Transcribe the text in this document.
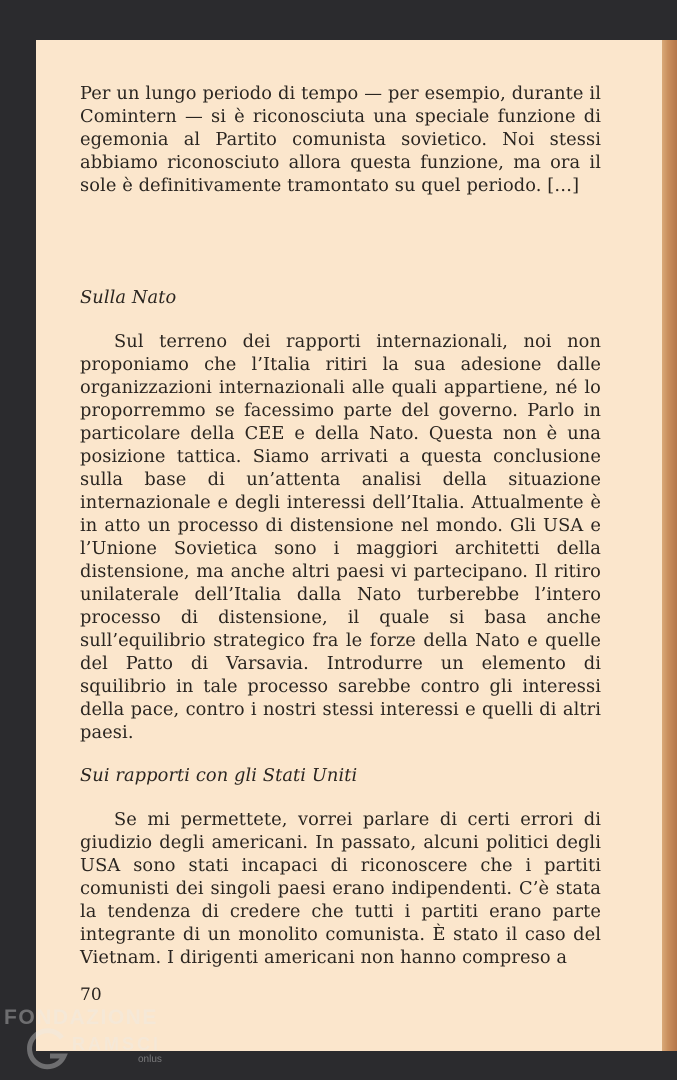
Per un lungo periodo di tempo — per esempio, durante il Comintern — si è riconosciuta una speciale funzione di egemonia al Partito comunista sovietico. Noi stessi abbiamo riconosciuto allora questa funzione, ma ora il sole è definitivamente tramontato su quel periodo. […]

Sulla Nato

Sul terreno dei rapporti internazionali, noi non proponiamo che l’Italia ritiri la sua adesione dalle organizzazioni internazionali alle quali appartiene, né lo proporremmo se facessimo parte del governo. Parlo in particolare della CEE e della Nato. Questa non è una posizione tattica. Siamo arrivati a questa conclusione sulla base di un’attenta analisi della situazione internazionale e degli interessi dell’Italia. Attualmente è in atto un processo di distensione nel mondo. Gli USA e l’Unione Sovietica sono i maggiori architetti della distensione, ma anche altri paesi vi partecipano. Il ritiro unilaterale dell’Italia dalla Nato turberebbe l’intero processo di distensione, il quale si basa anche sull’equilibrio strategico fra le forze della Nato e quelle del Patto di Varsavia. Introdurre un elemento di squilibrio in tale processo sarebbe contro gli interessi della pace, contro i nostri stessi interessi e quelli di altri paesi.

Sui rapporti con gli Stati Uniti

Se mi permettete, vorrei parlare di certi errori di giudizio degli americani. In passato, alcuni politici degli USA sono stati incapaci di riconoscere che i partiti comunisti dei singoli paesi erano indipendenti. C’è stata la tendenza di credere che tutti i partiti erano parte integrante di un monolito comunista. È stato il caso del Vietnam. I dirigenti americani non hanno compreso a

70
FONDAZIONE
RAMSCI
onlus
